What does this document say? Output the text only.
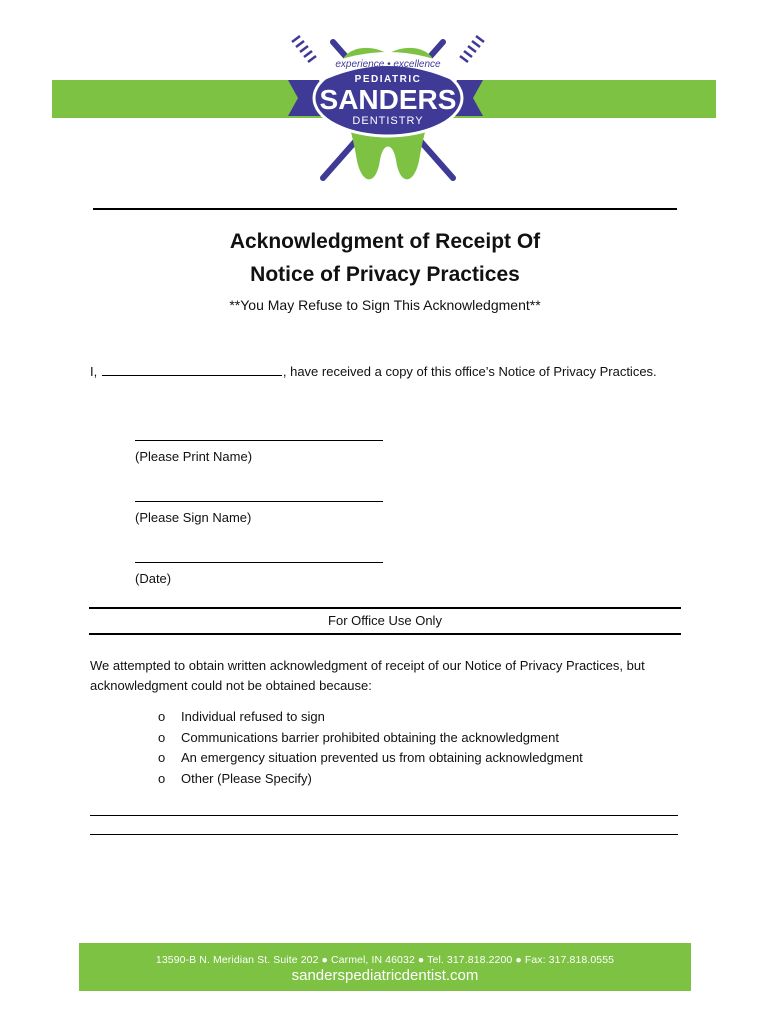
experience • excellence
PEDIATRIC
SANDERS
DENTISTRY
Acknowledgment of Receipt Of
Notice of Privacy Practices
**You May Refuse to Sign This Acknowledgment**
I,	, have received a copy of this office’s Notice of Privacy Practices.
(Please Print Name)
(Please Sign Name)
(Date)
For Office Use Only
We attempted to obtain written acknowledgment of receipt of our Notice of Privacy Practices, but acknowledgment could not be obtained because:
o	Individual refused to sign
o	Communications barrier prohibited obtaining the acknowledgment
o	An emergency situation prevented us from obtaining acknowledgment
o	Other (Please Specify)
13590-B N. Meridian St. Suite 202 ● Carmel, IN 46032 ● Tel. 317.818.2200 ● Fax: 317.818.0555
sanderspediatricdentist.com
